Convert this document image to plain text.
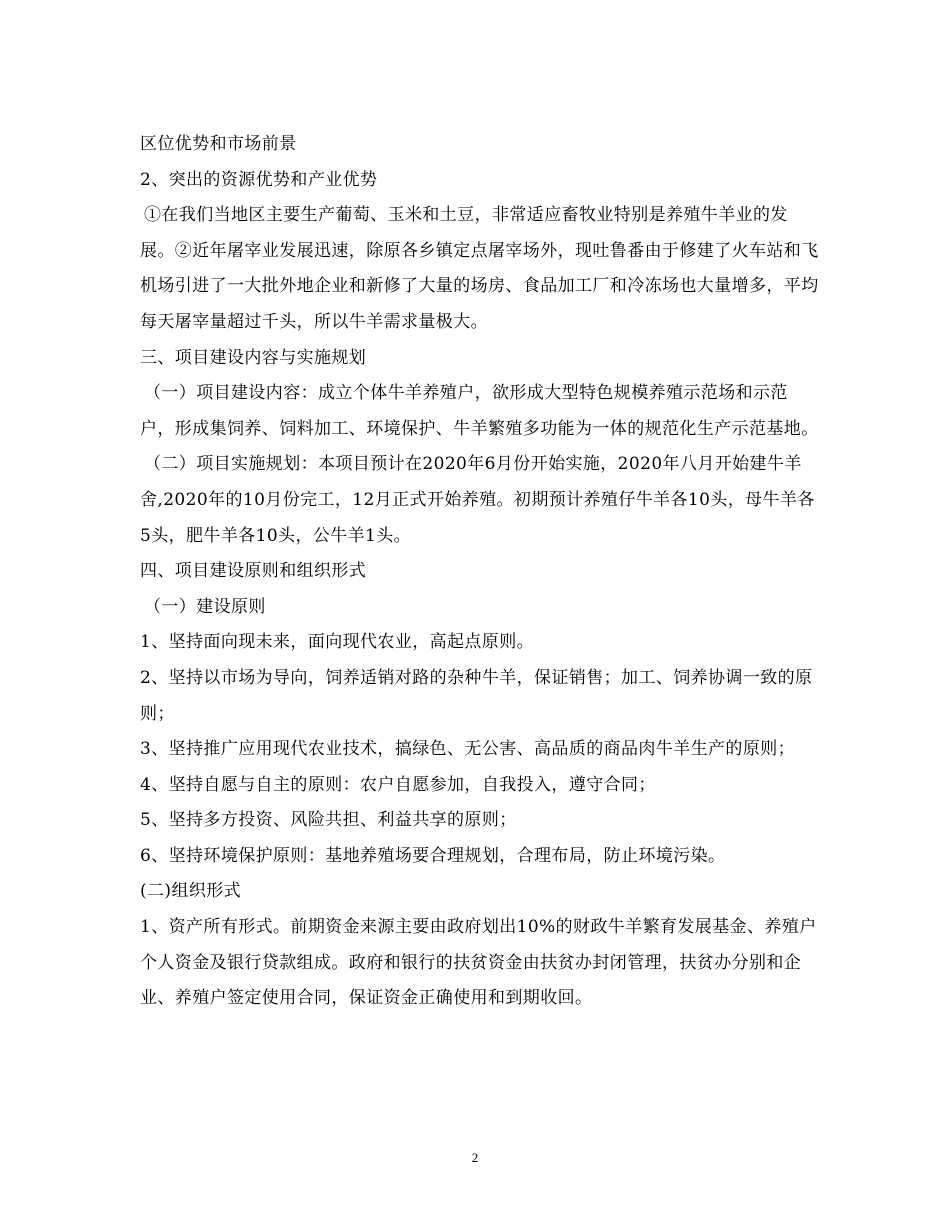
区位优势和市场前景

2、突出的资源优势和产业优势

①在我们当地区主要生产葡萄、玉米和土豆，非常适应畜牧业特别是养殖牛羊业的发展。②近年屠宰业发展迅速，除原各乡镇定点屠宰场外，现吐鲁番由于修建了火车站和飞机场引进了一大批外地企业和新修了大量的场房、食品加工厂和冷冻场也大量增多，平均每天屠宰量超过千头，所以牛羊需求量极大。

三、项目建设内容与实施规划

（一）项目建设内容：成立个体牛羊养殖户，欲形成大型特色规模养殖示范场和示范户，形成集饲养、饲料加工、环境保护、牛羊繁殖多功能为一体的规范化生产示范基地。

（二）项目实施规划：本项目预计在2020年6月份开始实施，2020年八月开始建牛羊舍,2020年的10月份完工，12月正式开始养殖。初期预计养殖仔牛羊各10头，母牛羊各5头，肥牛羊各10头，公牛羊1头。

四、项目建设原则和组织形式

（一）建设原则

1、坚持面向现未来，面向现代农业，高起点原则。

2、坚持以市场为导向，饲养适销对路的杂种牛羊，保证销售；加工、饲养协调一致的原则；

3、坚持推广应用现代农业技术，搞绿色、无公害、高品质的商品肉牛羊生产的原则；

4、坚持自愿与自主的原则：农户自愿参加，自我投入，遵守合同；

5、坚持多方投资、风险共担、利益共享的原则；

6、坚持环境保护原则：基地养殖场要合理规划，合理布局，防止环境污染。

(二)组织形式

1、资产所有形式。前期资金来源主要由政府划出10%的财政牛羊繁育发展基金、养殖户个人资金及银行贷款组成。政府和银行的扶贫资金由扶贫办封闭管理，扶贫办分别和企业、养殖户签定使用合同，保证资金正确使用和到期收回。

2
